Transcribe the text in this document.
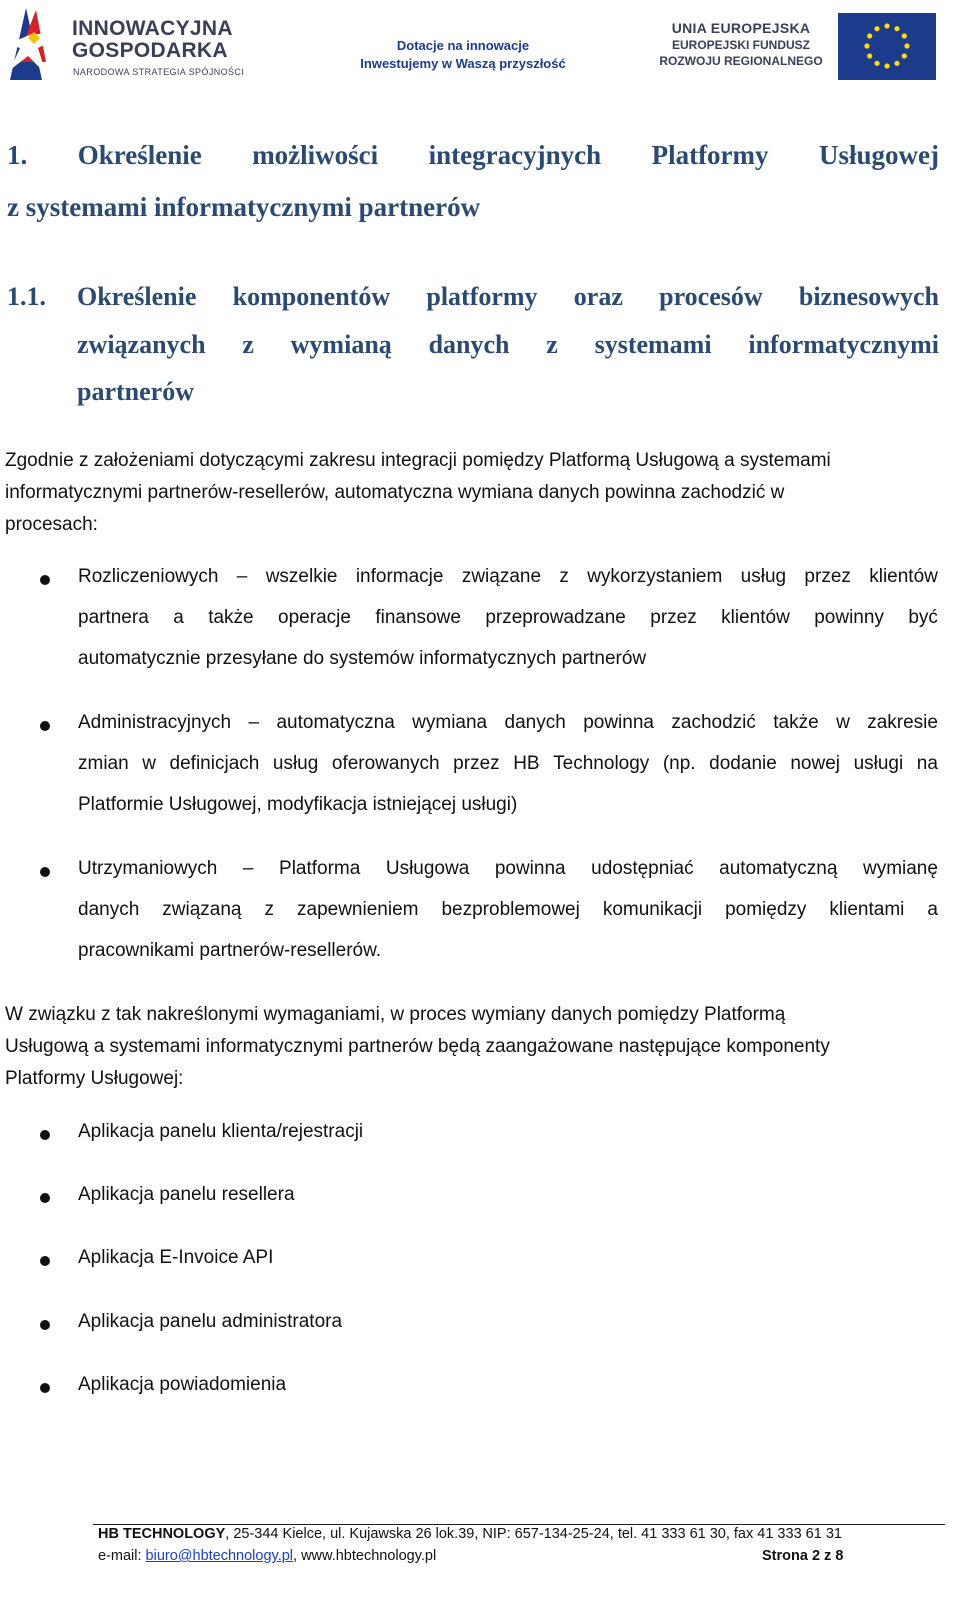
INNOWACYJNA
GOSPODARKA
NARODOWA STRATEGIA SPÓJNOŚCI
Dotacje na innowacje
Inwestujemy w Waszą przyszłość
UNIA EUROPEJSKA
EUROPEJSKI FUNDUSZ
ROZWOJU REGIONALNEGO
1. Określenie możliwości integracyjnych Platformy Usługowej
z systemami informatycznymi partnerów
1.1. Określenie komponentów platformy oraz procesów biznesowych
związanych z wymianą danych z systemami informatycznymi
partnerów
Zgodnie z założeniami dotyczącymi zakresu integracji pomiędzy Platformą Usługową a systemami
informatycznymi partnerów-resellerów, automatyczna wymiana danych powinna zachodzić w
procesach:
Rozliczeniowych – wszelkie informacje związane z wykorzystaniem usług przez klientów
partnera a także operacje finansowe przeprowadzane przez klientów powinny być
automatycznie przesyłane do systemów informatycznych partnerów
Administracyjnych – automatyczna wymiana danych powinna zachodzić także w zakresie
zmian w definicjach usług oferowanych przez HB Technology (np. dodanie nowej usługi na
Platformie Usługowej, modyfikacja istniejącej usługi)
Utrzymaniowych – Platforma Usługowa powinna udostępniać automatyczną wymianę
danych związaną z zapewnieniem bezproblemowej komunikacji pomiędzy klientami a
pracownikami partnerów-resellerów.
W związku z tak nakreślonymi wymaganiami, w proces wymiany danych pomiędzy Platformą
Usługową a systemami informatycznymi partnerów będą zaangażowane następujące komponenty
Platformy Usługowej:
Aplikacja panelu klienta/rejestracji
Aplikacja panelu resellera
Aplikacja E-Invoice API
Aplikacja panelu administratora
Aplikacja powiadomienia
HB TECHNOLOGY, 25-344 Kielce, ul. Kujawska 26 lok.39, NIP: 657-134-25-24, tel. 41 333 61 30, fax 41 333 61 31
e-mail: biuro@hbtechnology.pl, www.hbtechnology.pl	Strona 2 z 8
